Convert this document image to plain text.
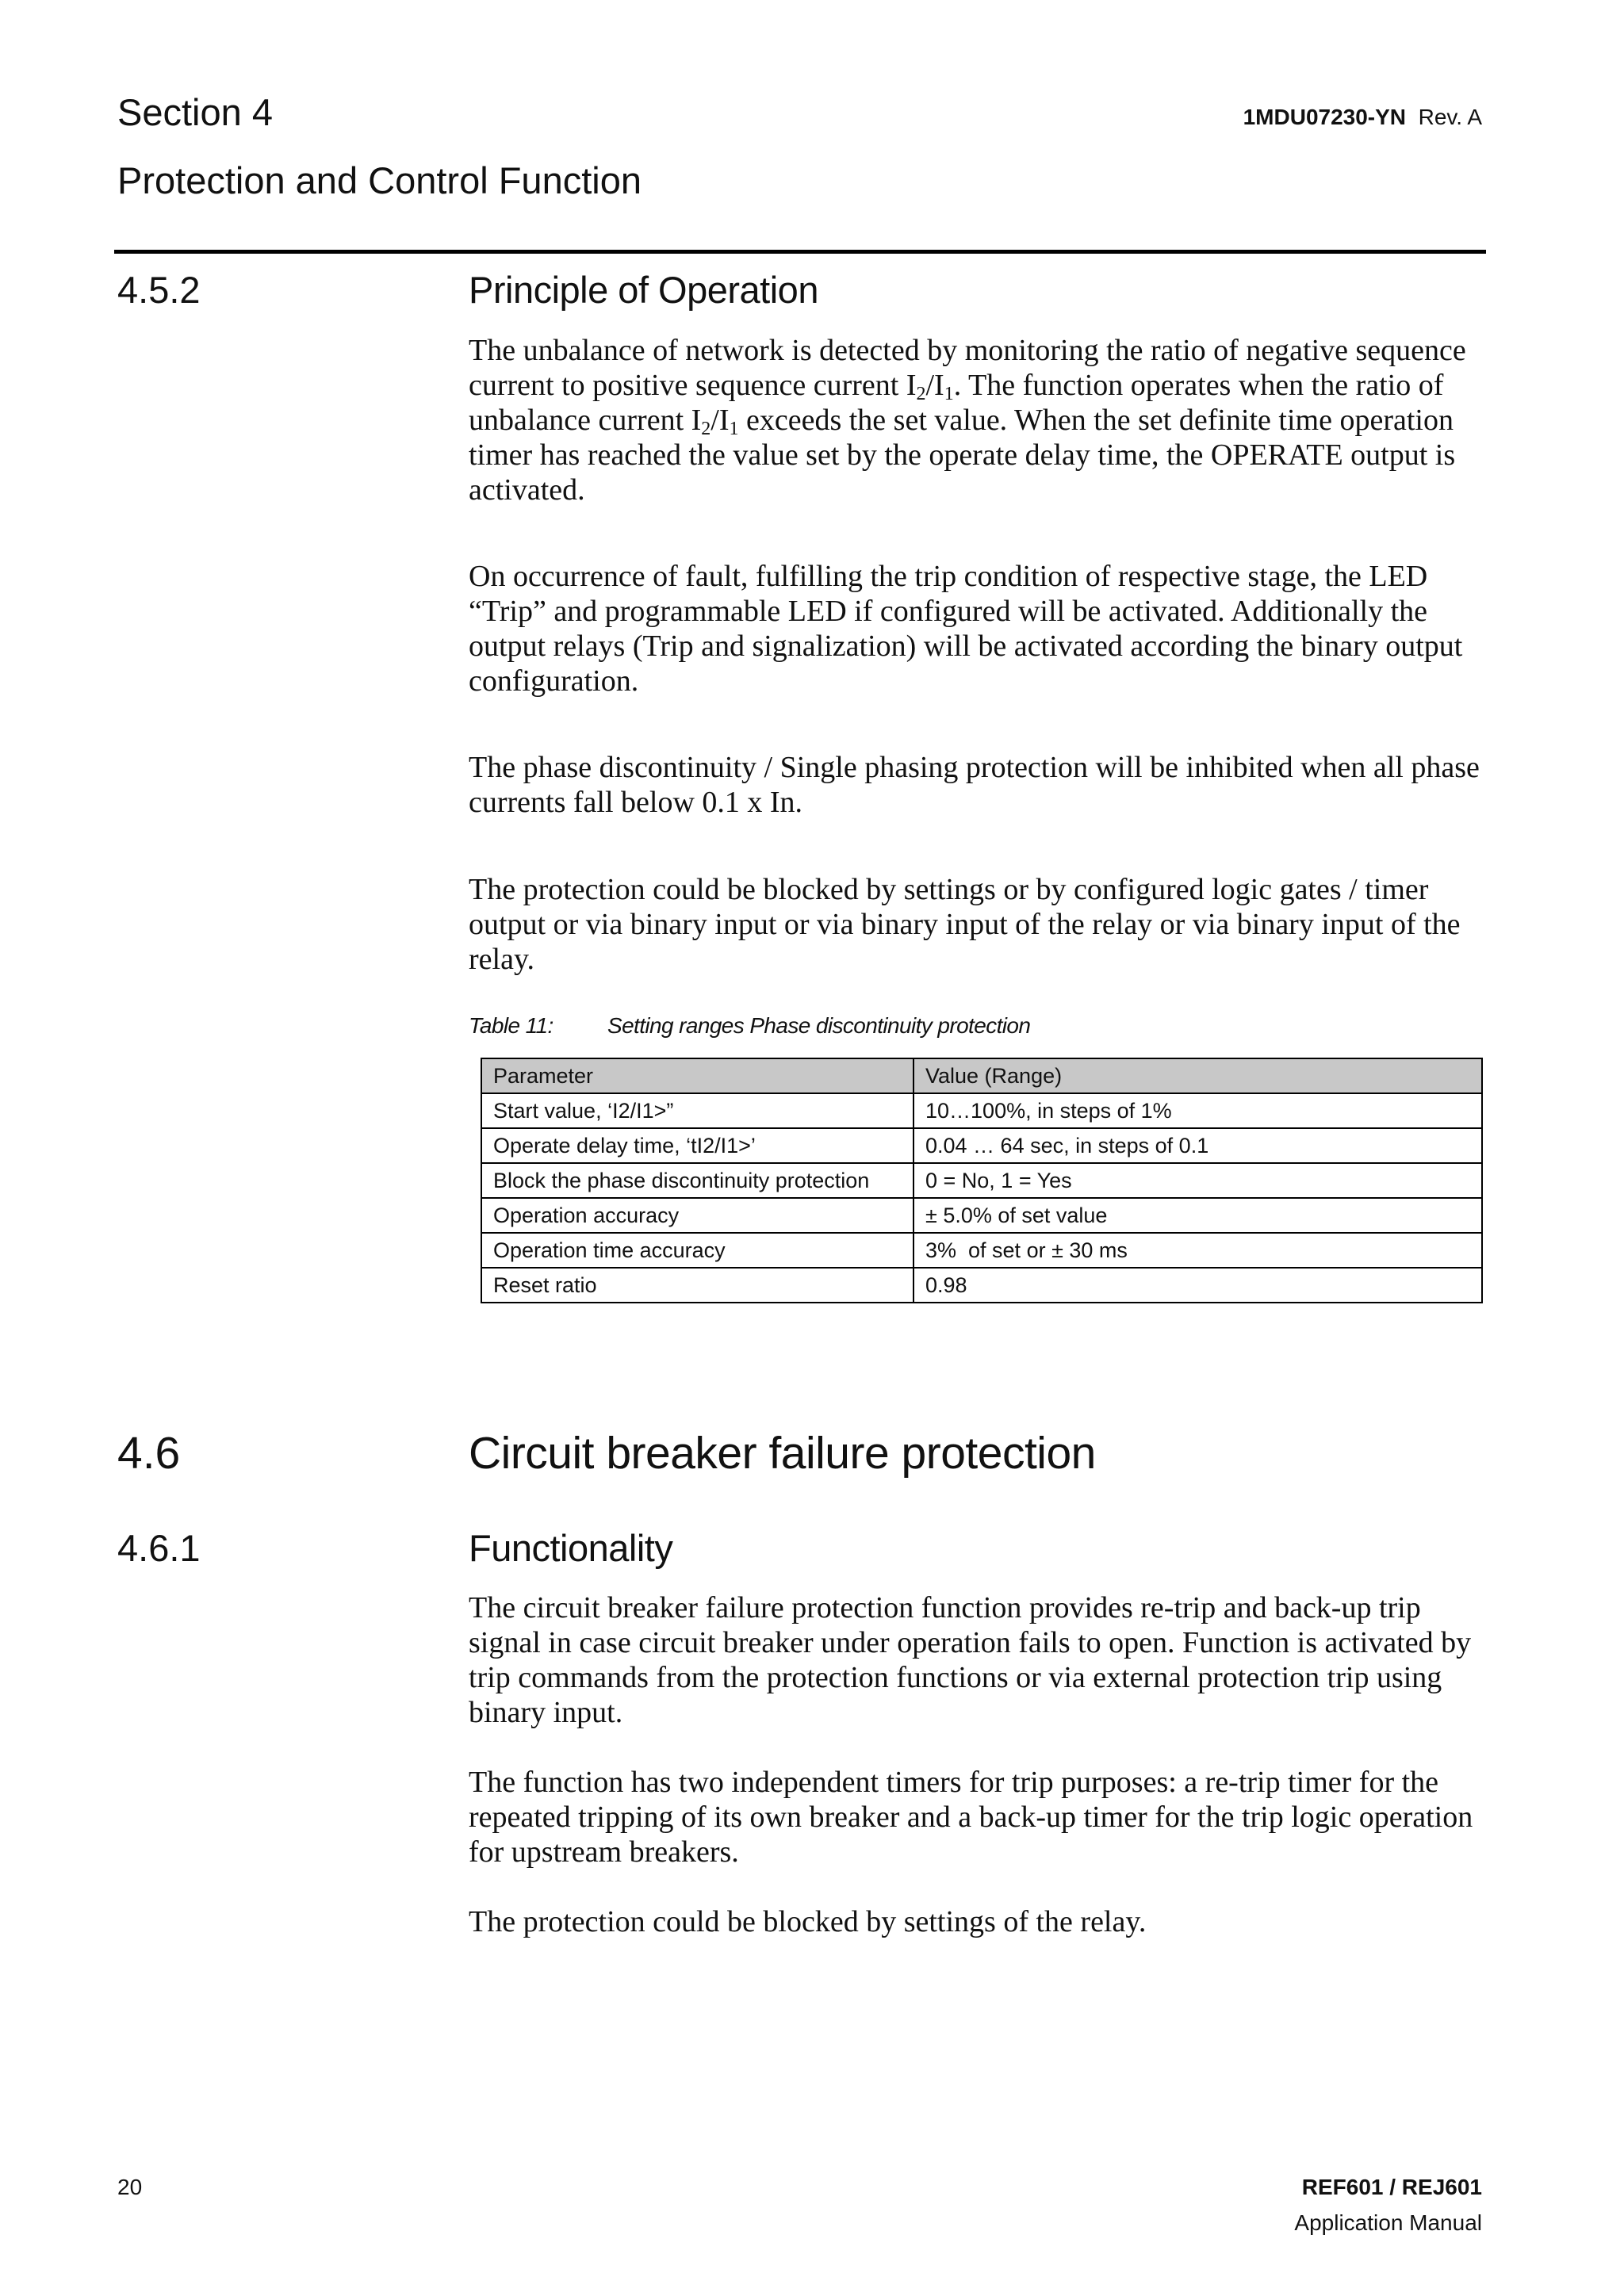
Section 4
Protection and Control Function
1MDU07230-YN Rev. A
4.5.2	Principle of Operation
The unbalance of network is detected by monitoring the ratio of negative sequence current to positive sequence current $I_2/I_1$. The function operates when the ratio of unbalance current $I_2/I_1$ exceeds the set value. When the set definite time operation timer has reached the value set by the operate delay time, the OPERATE output is activated.
On occurrence of fault, fulfilling the trip condition of respective stage, the LED “Trip” and programmable LED if configured will be activated. Additionally the output relays (Trip and signalization) will be activated according the binary output configuration.
The phase discontinuity / Single phasing protection will be inhibited when all phase currents fall below 0.1 x In.
The protection could be blocked by settings or by configured logic gates / timer output or via binary input or via binary input of the relay or via binary input of the relay.
Table 11: Setting ranges Phase discontinuity protection
Parameter	Value (Range)
Start value, ‘I2/I1>”	10…100%, in steps of 1%
Operate delay time, ‘tI2/I1>’	0.04 … 64 sec, in steps of 0.1
Block the phase discontinuity protection	0 = No, 1 = Yes
Operation accuracy	± 5.0% of set value
Operation time accuracy	3%  of set or ± 30 ms
Reset ratio	0.98
4.6	Circuit breaker failure protection
4.6.1	Functionality
The circuit breaker failure protection function provides re-trip and back-up trip signal in case circuit breaker under operation fails to open. Function is activated by trip commands from the protection functions or via external protection trip using binary input.
The function has two independent timers for trip purposes: a re-trip timer for the repeated tripping of its own breaker and a back-up timer for the trip logic operation for upstream breakers.
The protection could be blocked by settings of the relay.
20	REF601 / REJ601
Application Manual
